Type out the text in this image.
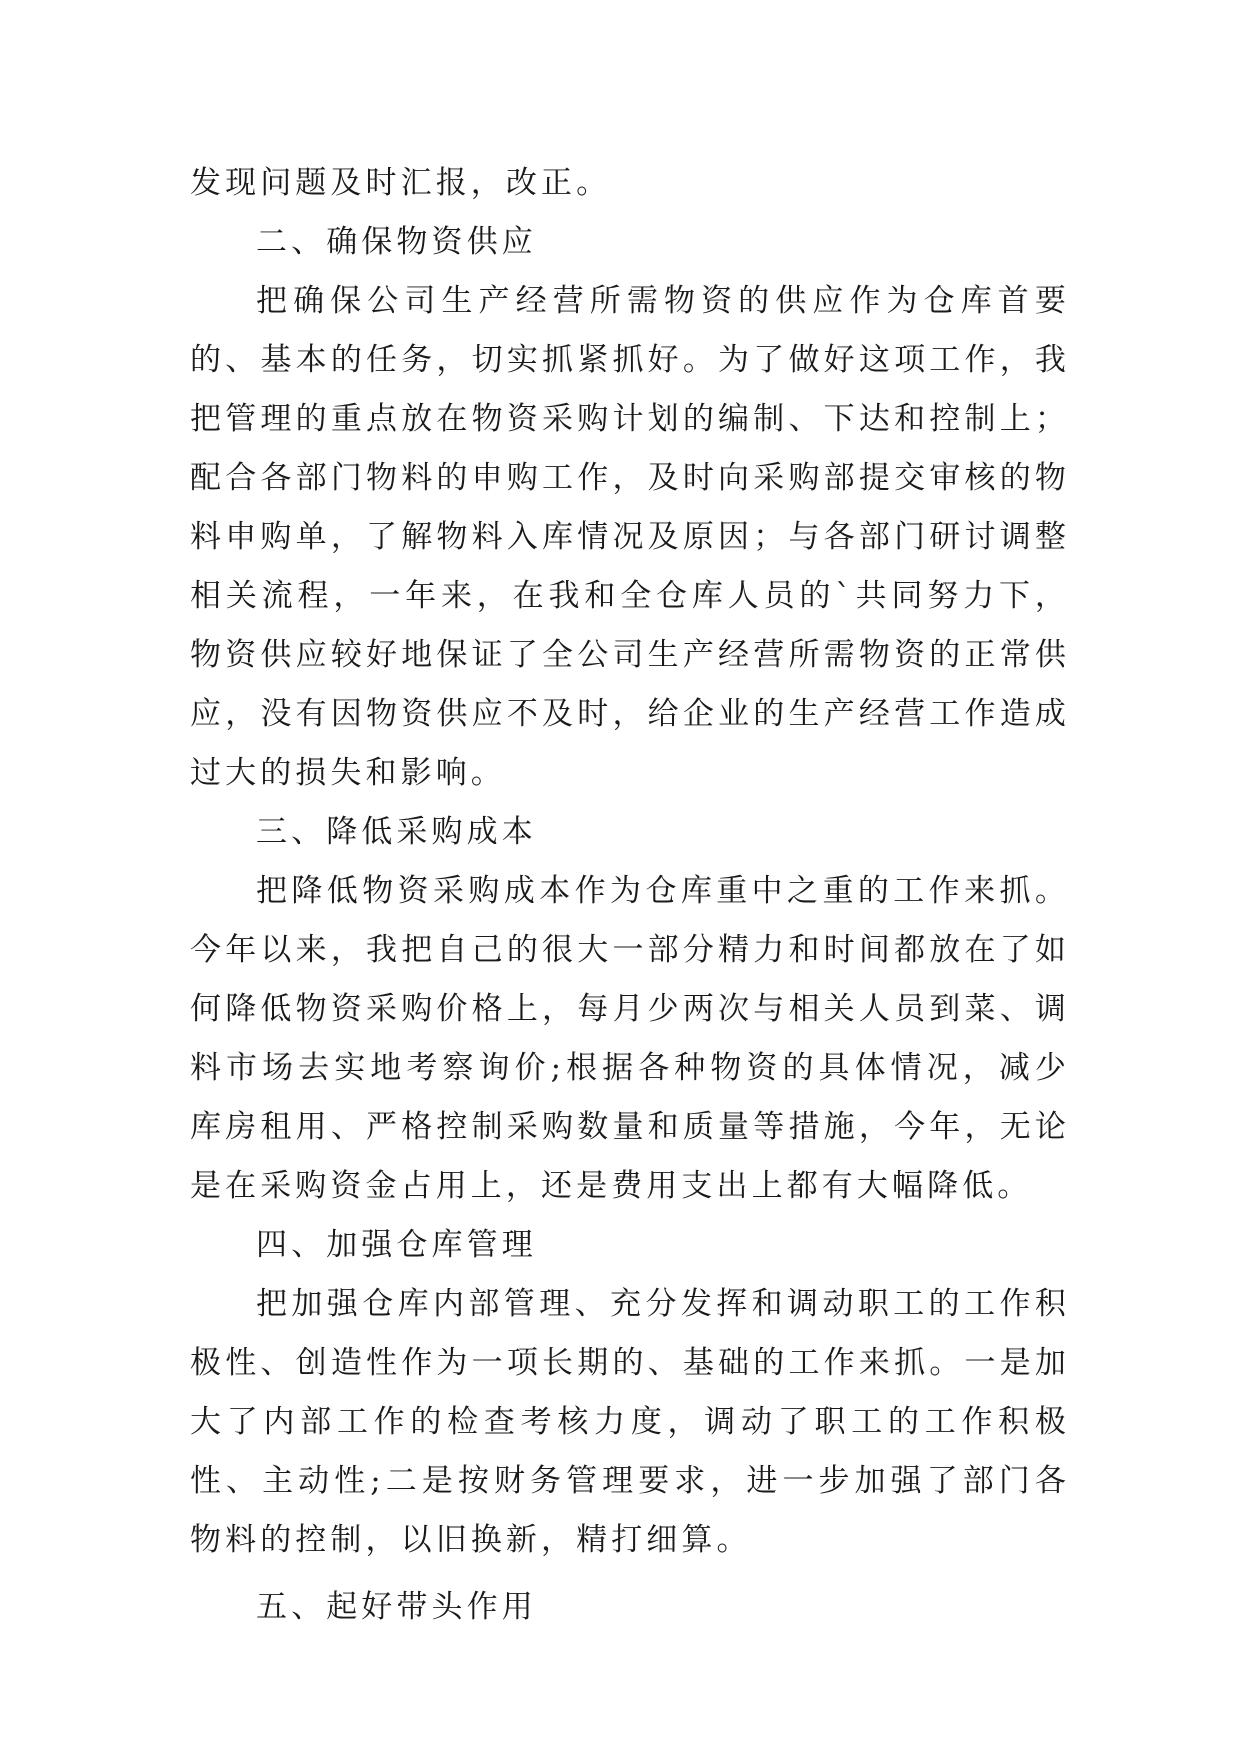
发现问题及时汇报，改正。

二、确保物资供应

把确保公司生产经营所需物资的供应作为仓库首要的、基本的任务，切实抓紧抓好。为了做好这项工作，我把管理的重点放在物资采购计划的编制、下达和控制上；配合各部门物料的申购工作，及时向采购部提交审核的物料申购单，了解物料入库情况及原因；与各部门研讨调整相关流程，一年来，在我和全仓库人员的`共同努力下，物资供应较好地保证了全公司生产经营所需物资的正常供应，没有因物资供应不及时，给企业的生产经营工作造成过大的损失和影响。

三、降低采购成本

把降低物资采购成本作为仓库重中之重的工作来抓。今年以来，我把自己的很大一部分精力和时间都放在了如何降低物资采购价格上，每月少两次与相关人员到菜、调料市场去实地考察询价;根据各种物资的具体情况，减少库房租用、严格控制采购数量和质量等措施，今年，无论是在采购资金占用上，还是费用支出上都有大幅降低。

四、加强仓库管理

把加强仓库内部管理、充分发挥和调动职工的工作积极性、创造性作为一项长期的、基础的工作来抓。一是加大了内部工作的检查考核力度，调动了职工的工作积极性、主动性;二是按财务管理要求，进一步加强了部门各物料的控制，以旧换新，精打细算。

五、起好带头作用
